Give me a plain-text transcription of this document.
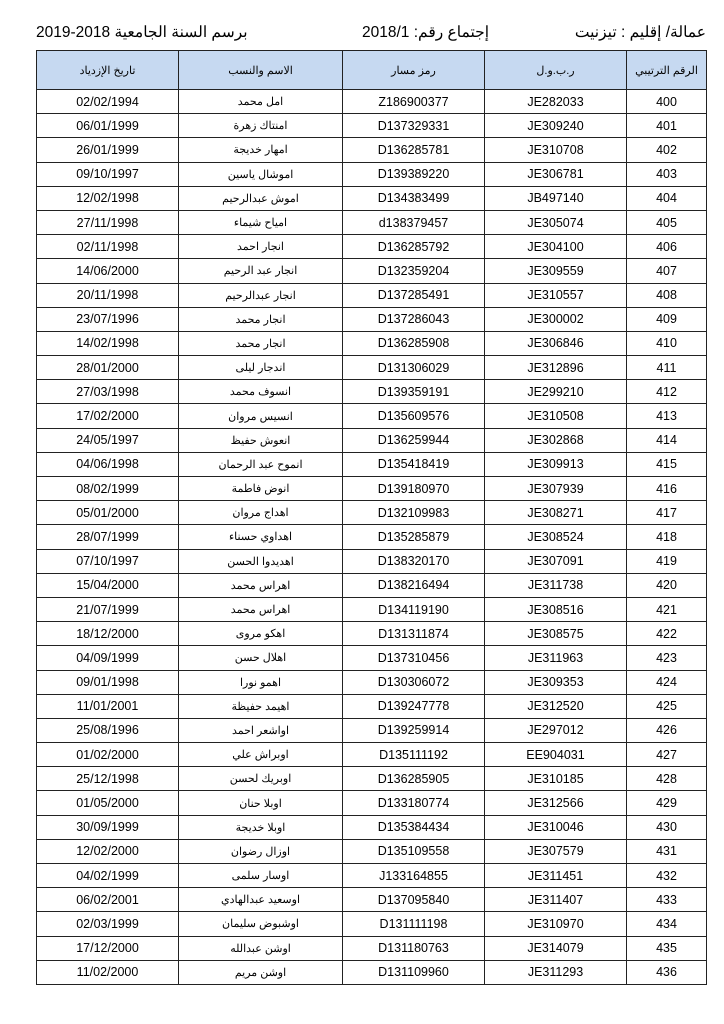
برسم السنة الجامعية 2018-2019	إجتماع رقم: 2018/1	عمالة/ إقليم : تيزنيت
تاريخ الإزدياد	الاسم والنسب	رمز مسار	ر.ب.و.ل	الرقم الترتيبي
02/02/1994	امل محمد	Z186900377	JE282033	400
06/01/1999	امنتاك زهرة	D137329331	JE309240	401
26/01/1999	امهار خديجة	D136285781	JE310708	402
09/10/1997	اموشال ياسين	D139389220	JE306781	403
12/02/1998	اموش عبدالرحيم	D134383499	JB497140	404
27/11/1998	امياح شيماء	d138379457	JE305074	405
02/11/1998	انجار احمد	D136285792	JE304100	406
14/06/2000	انجار عبد الرحيم	D132359204	JE309559	407
20/11/1998	انجار عبدالرحيم	D137285491	JE310557	408
23/07/1996	انجار محمد	D137286043	JE300002	409
14/02/1998	انجار محمد	D136285908	JE306846	410
28/01/2000	اندجار ليلى	D131306029	JE312896	411
27/03/1998	انسوف محمد	D139359191	JE299210	412
17/02/2000	انسيس مروان	D135609576	JE310508	413
24/05/1997	انعوش حفيظ	D136259944	JE302868	414
04/06/1998	انموح عبد الرحمان	D135418419	JE309913	415
08/02/1999	انوض فاطمة	D139180970	JE307939	416
05/01/2000	اهداج مروان	D132109983	JE308271	417
28/07/1999	اهداوي حسناء	D135285879	JE308524	418
07/10/1997	اهديدوا الحسن	D138320170	JE307091	419
15/04/2000	اهراس محمد	D138216494	JE311738	420
21/07/1999	اهراس محمد	D134119190	JE308516	421
18/12/2000	اهكو مروى	D131311874	JE308575	422
04/09/1999	اهلال حسن	D137310456	JE311963	423
09/01/1998	اهمو نورا	D130306072	JE309353	424
11/01/2001	اهيمد حفيظة	D139247778	JE312520	425
25/08/1996	اواشعر احمد	D139259914	JE297012	426
01/02/2000	اوبراش علي	D135111192	EE904031	427
25/12/1998	اوبريك لحسن	D136285905	JE310185	428
01/05/2000	اوبلا حنان	D133180774	JE312566	429
30/09/1999	اوبلا خديجة	D135384434	JE310046	430
12/02/2000	اوزال رضوان	D135109558	JE307579	431
04/02/1999	اوسار سلمى	J133164855	JE311451	432
06/02/2001	اوسعيد عبدالهادي	D137095840	JE311407	433
02/03/1999	اوشبوض سليمان	D131111198	JE310970	434
17/12/2000	اوشن عبدالله	D131180763	JE314079	435
11/02/2000	اوشن مريم	D131109960	JE311293	436
